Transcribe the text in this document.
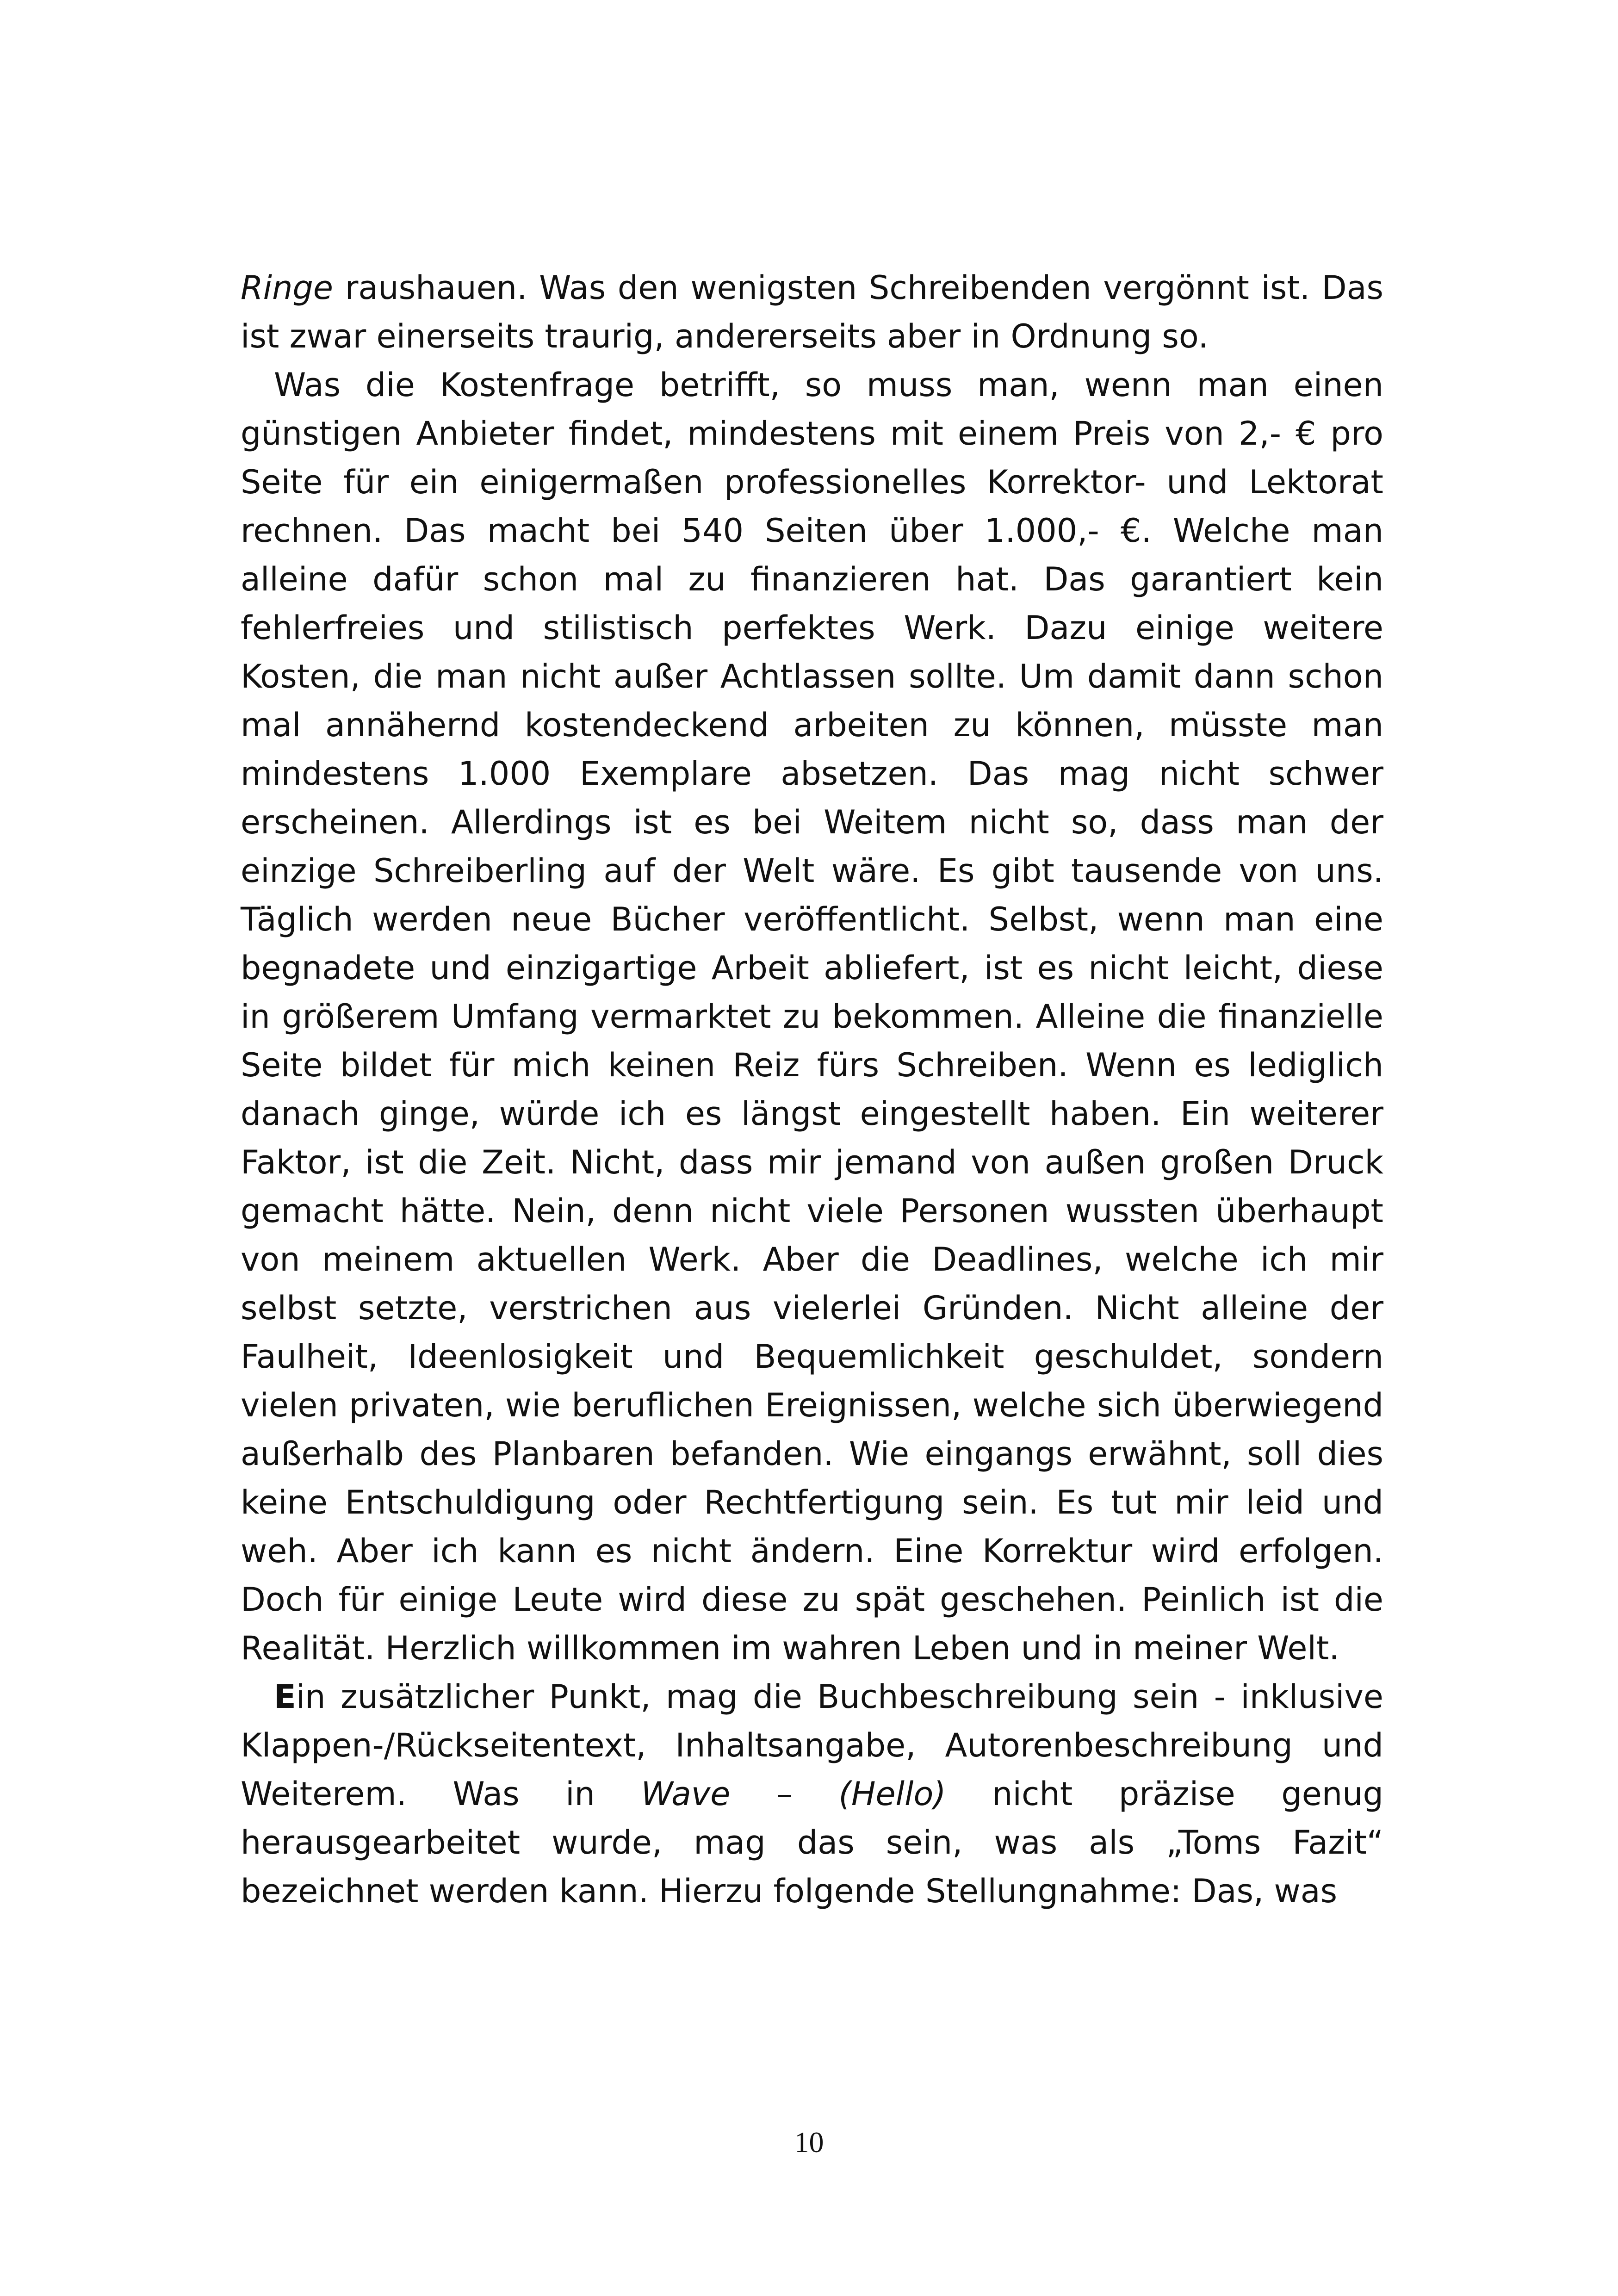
Ringe raushauen. Was den wenigsten Schreibenden vergönnt ist. Das ist zwar einerseits traurig, andererseits aber in Ordnung so.

Was die Kostenfrage betrifft, so muss man, wenn man einen günstigen Anbieter findet, mindestens mit einem Preis von 2,- € pro Seite für ein einigermaßen professionelles Korrektor- und Lektorat rechnen. Das macht bei 540 Seiten über 1.000,- €. Welche man alleine dafür schon mal zu finanzieren hat. Das garantiert kein fehlerfreies und stilistisch perfektes Werk. Dazu einige weitere Kosten, die man nicht außer Achtlassen sollte. Um damit dann schon mal annähernd kostendeckend arbeiten zu können, müsste man mindestens 1.000 Exemplare absetzen. Das mag nicht schwer erscheinen. Allerdings ist es bei Weitem nicht so, dass man der einzige Schreiberling auf der Welt wäre. Es gibt tausende von uns. Täglich werden neue Bücher veröffentlicht. Selbst, wenn man eine begnadete und einzigartige Arbeit abliefert, ist es nicht leicht, diese in größerem Umfang vermarktet zu bekommen. Alleine die finanzielle Seite bildet für mich keinen Reiz fürs Schreiben. Wenn es lediglich danach ginge, würde ich es längst eingestellt haben. Ein weiterer Faktor, ist die Zeit. Nicht, dass mir jemand von außen großen Druck gemacht hätte. Nein, denn nicht viele Personen wussten überhaupt von meinem aktuellen Werk. Aber die Deadlines, welche ich mir selbst setzte, verstrichen aus vielerlei Gründen. Nicht alleine der Faulheit, Ideenlosigkeit und Bequemlichkeit geschuldet, sondern vielen privaten, wie beruflichen Ereignissen, welche sich überwiegend außerhalb des Planbaren befanden. Wie eingangs erwähnt, soll dies keine Entschuldigung oder Rechtfertigung sein. Es tut mir leid und weh. Aber ich kann es nicht ändern. Eine Korrektur wird erfolgen. Doch für einige Leute wird diese zu spät geschehen. Peinlich ist die Realität. Herzlich willkommen im wahren Leben und in meiner Welt.

Ein zusätzlicher Punkt, mag die Buchbeschreibung sein - inklusive Klappen-/Rückseitentext, Inhaltsangabe, Autorenbeschreibung und Weiterem. Was in Wave – (Hello) nicht präzise genug herausgearbeitet wurde, mag das sein, was als „Toms Fazit“ bezeichnet werden kann. Hierzu folgende Stellungnahme: Das, was

10
